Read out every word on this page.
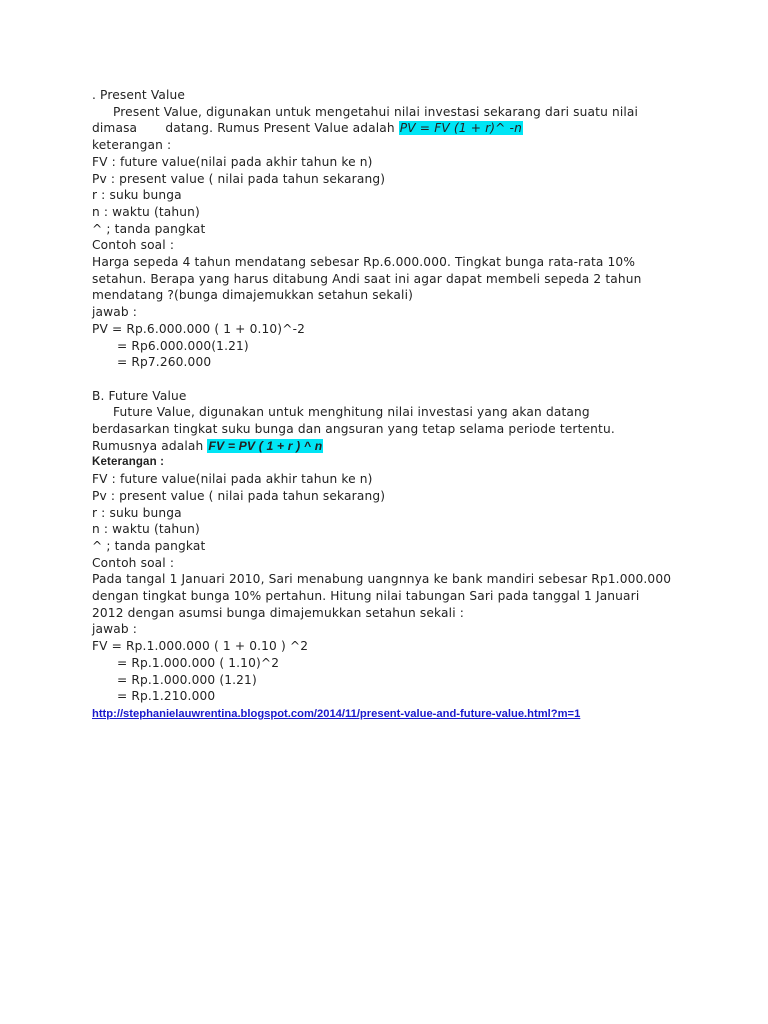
. Present Value
Present Value, digunakan untuk mengetahui nilai investasi sekarang dari suatu nilai
dimasa       datang. Rumus Present Value adalah PV = FV (1 + r)^ -n
keterangan :
FV : future value(nilai pada akhir tahun ke n)
Pv : present value ( nilai pada tahun sekarang)
r : suku bunga
n : waktu (tahun)
^ ; tanda pangkat
Contoh soal :
Harga sepeda 4 tahun mendatang sebesar Rp.6.000.000. Tingkat bunga rata-rata 10%
setahun. Berapa yang harus ditabung Andi saat ini agar dapat membeli sepeda 2 tahun
mendatang ?(bunga dimajemukkan setahun sekali)
jawab :
PV = Rp.6.000.000 ( 1 + 0.10)^-2
= Rp6.000.000(1.21)
= Rp7.260.000
B. Future Value
Future Value, digunakan untuk menghitung nilai investasi yang akan datang
berdasarkan tingkat suku bunga dan angsuran yang tetap selama periode tertentu.
Rumusnya adalah FV = PV ( 1 + r ) ^ n
Keterangan :
FV : future value(nilai pada akhir tahun ke n)
Pv : present value ( nilai pada tahun sekarang)
r : suku bunga
n : waktu (tahun)
^ ; tanda pangkat
Contoh soal :
Pada tangal 1 Januari 2010, Sari menabung uangnnya ke bank mandiri sebesar Rp1.000.000
dengan tingkat bunga 10% pertahun. Hitung nilai tabungan Sari pada tanggal 1 Januari
2012 dengan asumsi bunga dimajemukkan setahun sekali :
jawab :
FV = Rp.1.000.000 ( 1 + 0.10 ) ^2
= Rp.1.000.000 ( 1.10)^2
= Rp.1.000.000 (1.21)
= Rp.1.210.000
http://stephanielauwrentina.blogspot.com/2014/11/present-value-and-future-value.html?m=1
